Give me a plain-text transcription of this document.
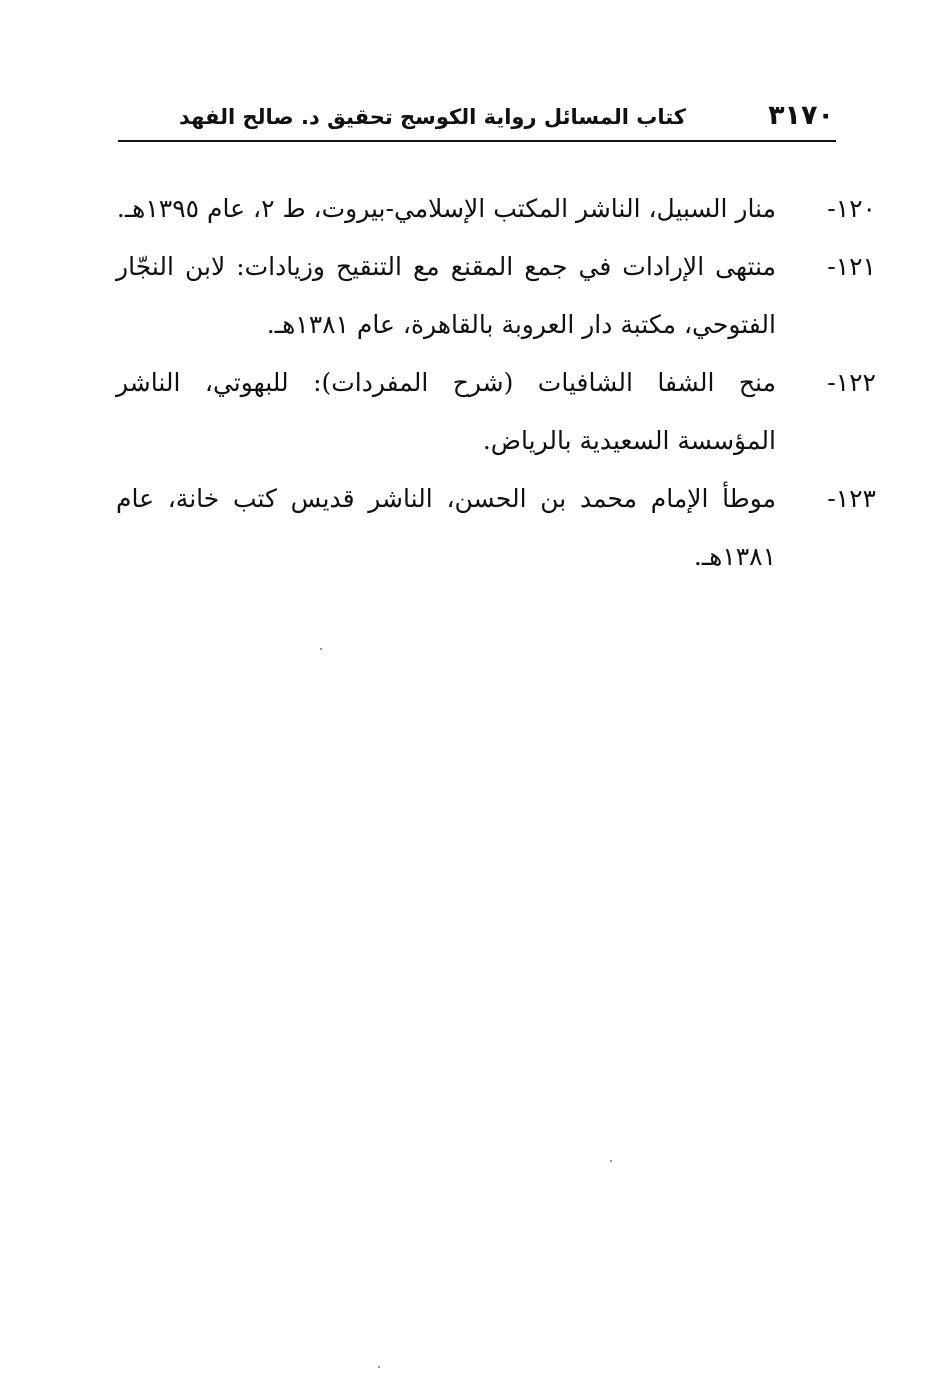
٣١٧٠
كتاب المسائل رواية الكوسج تحقيق د. صالح الفهد
١٢٠-

منار السبيل، الناشر المكتب الإسلامي-بيروت، ط ٢، عام ١٣٩٥هـ.

١٢١-

منتهى الإرادات في جمع المقنع مع التنقيح وزيادات: لابن النجّار الفتوحي، مكتبة دار العروبة بالقاهرة، عام ١٣٨١هـ.

١٢٢-

منح الشفا الشافيات (شرح المفردات): للبهوتي، الناشر المؤسسة السعيدية بالرياض.

١٢٣-

موطأ الإمام محمد بن الحسن، الناشر قديس كتب خانة، عام ١٣٨١هـ.
